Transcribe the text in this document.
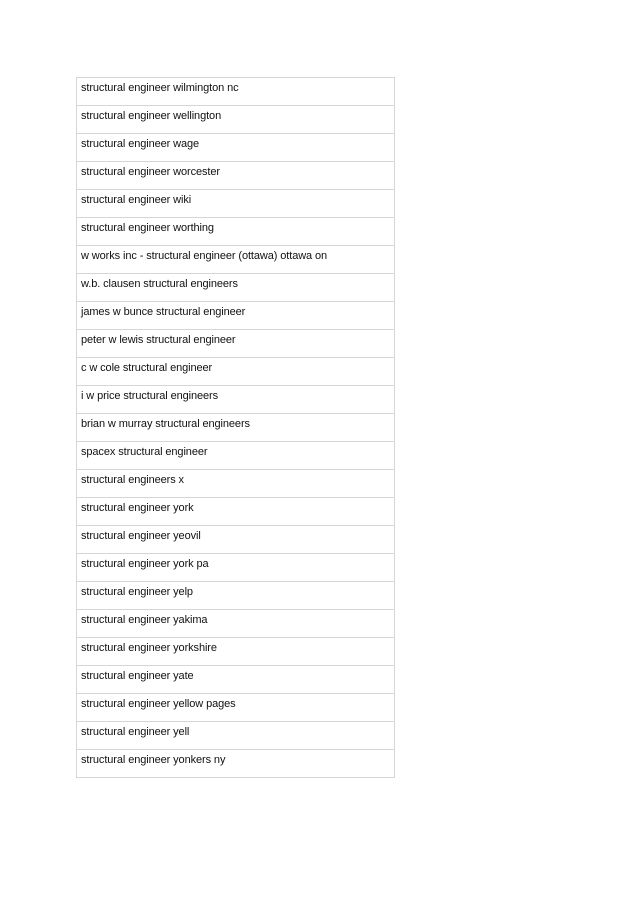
structural engineer wilmington nc
structural engineer wellington
structural engineer wage
structural engineer worcester
structural engineer wiki
structural engineer worthing
w works inc - structural engineer (ottawa) ottawa on
w.b. clausen structural engineers
james w bunce structural engineer
peter w lewis structural engineer
c w cole structural engineer
i w price structural engineers
brian w murray structural engineers
spacex structural engineer
structural engineers x
structural engineer york
structural engineer yeovil
structural engineer york pa
structural engineer yelp
structural engineer yakima
structural engineer yorkshire
structural engineer yate
structural engineer yellow pages
structural engineer yell
structural engineer yonkers ny
